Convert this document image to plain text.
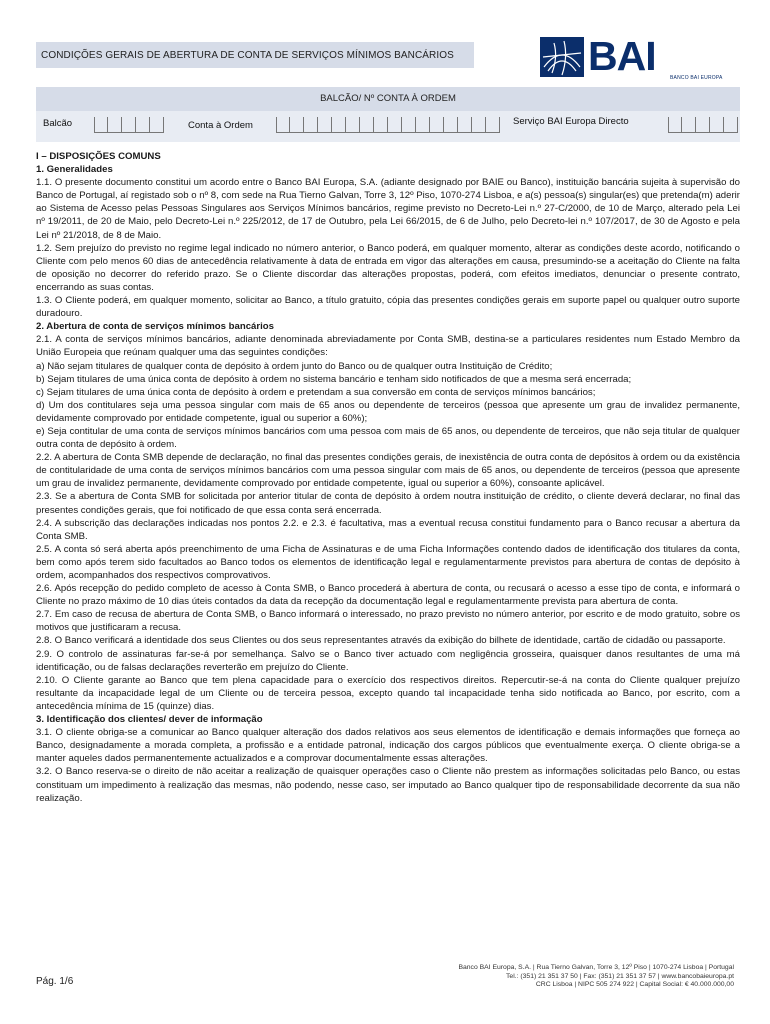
CONDIÇÕES GERAIS DE ABERTURA DE CONTA DE SERVIÇOS MÍNIMOS BANCÁRIOS	BAI	BANCO BAI EUROPA
BALCÃO/ Nº CONTA À ORDEM
Balcão	Conta à Ordem	Serviço BAI Europa Directo

I – DISPOSIÇÕES COMUNS

1. Generalidades

1.1. O presente documento constitui um acordo entre o Banco BAI Europa, S.A. (adiante designado por BAIE ou Banco), instituição bancária sujeita à supervisão do Banco de Portugal, aí registado sob o nº 8, com sede na Rua Tierno Galvan, Torre 3, 12º Piso, 1070-274 Lisboa, e a(s) pessoa(s) singular(es) que pretenda(m) aderir ao Sistema de Acesso pelas Pessoas Singulares aos Serviços Mínimos bancários, regime previsto no Decreto-Lei n.º 27-C/2000, de 10 de Março, alterado pela Lei nº 19/2011, de 20 de Maio, pelo Decreto-Lei n.º 225/2012, de 17 de Outubro, pela Lei 66/2015, de 6 de Julho, pelo Decreto-lei n.º 107/2017, de 30 de Agosto e pela Lei nº 21/2018, de 8 de Maio.

1.2. Sem prejuízo do previsto no regime legal indicado no número anterior, o Banco poderá, em qualquer momento, alterar as condições deste acordo, notificando o Cliente com pelo menos 60 dias de antecedência relativamente à data de entrada em vigor das alterações em causa, presumindo-se a aceitação do Cliente na falta de oposição no decorrer do referido prazo. Se o Cliente discordar das alterações propostas, poderá, com efeitos imediatos, denunciar o presente contrato, encerrando as suas contas.

1.3. O Cliente poderá, em qualquer momento, solicitar ao Banco, a título gratuito, cópia das presentes condições gerais em suporte papel ou qualquer outro suporte duradouro.

2. Abertura de conta de serviços mínimos bancários

2.1. A conta de serviços mínimos bancários, adiante denominada abreviadamente por Conta SMB, destina-se a particulares residentes num Estado Membro da União Europeia que reúnam qualquer uma das seguintes condições:

a) Não sejam titulares de qualquer conta de depósito à ordem junto do Banco ou de qualquer outra Instituição de Crédito;

b) Sejam titulares de uma única conta de depósito à ordem no sistema bancário e tenham sido notificados de que a mesma será encerrada;

c) Sejam titulares de uma única conta de depósito à ordem e pretendam a sua conversão em conta de serviços mínimos bancários;

d) Um dos contitulares seja uma pessoa singular com mais de 65 anos ou dependente de terceiros (pessoa que apresente um grau de invalidez permanente, devidamente comprovado por entidade competente, igual ou superior a 60%);

e) Seja contitular de uma conta de serviços mínimos bancários com uma pessoa com mais de 65 anos, ou dependente de terceiros, que não seja titular de qualquer outra conta de depósito à ordem.

2.2. A abertura de Conta SMB depende de declaração, no final das presentes condições gerais, de inexistência de outra conta de depósitos à ordem ou da existência de contitularidade de uma conta de serviços mínimos bancários com uma pessoa singular com mais de 65 anos, ou dependente de terceiros (pessoa que apresente um grau de invalidez permanente, devidamente comprovado por entidade competente, igual ou superior a 60%), consoante aplicável.

2.3. Se a abertura de Conta SMB for solicitada por anterior titular de conta de depósito à ordem noutra instituição de crédito, o cliente deverá declarar, no final das presentes condições gerais, que foi notificado de que essa conta será encerrada.

2.4. A subscrição das declarações indicadas nos pontos 2.2. e 2.3. é facultativa, mas a eventual recusa constitui fundamento para o Banco recusar a abertura da Conta SMB.

2.5. A conta só será aberta após preenchimento de uma Ficha de Assinaturas e de uma Ficha Informações contendo dados de identificação dos titulares da conta, bem como após terem sido facultados ao Banco todos os elementos de identificação legal e regulamentarmente previstos para abertura de contas de depósito à ordem, acompanhados dos respectivos comprovativos.

2.6. Após recepção do pedido completo de acesso à Conta SMB, o Banco procederá à abertura de conta, ou recusará o acesso a esse tipo de conta, e informará o Cliente no prazo máximo de 10 dias úteis contados da data da recepção da documentação legal e regulamentarmente prevista para abertura de conta.

2.7. Em caso de recusa de abertura de Conta SMB, o Banco informará o interessado, no prazo previsto no número anterior, por escrito e de modo gratuito, sobre os motivos que justificaram a recusa.

2.8. O Banco verificará a identidade dos seus Clientes ou dos seus representantes através da exibição do bilhete de identidade, cartão de cidadão ou passaporte.

2.9. O controlo de assinaturas far-se-á por semelhança. Salvo se o Banco tiver actuado com negligência grosseira, quaisquer danos resultantes de uma má identificação, ou de falsas declarações reverterão em prejuízo do Cliente.

2.10. O Cliente garante ao Banco que tem plena capacidade para o exercício dos respectivos direitos. Repercutir-se-á na conta do Cliente qualquer prejuízo resultante da incapacidade legal de um Cliente ou de terceira pessoa, excepto quando tal incapacidade tenha sido notificada ao Banco, por escrito, com a antecedência mínima de 15 (quinze) dias.

3. Identificação dos clientes/ dever de informação

3.1. O cliente obriga-se a comunicar ao Banco qualquer alteração dos dados relativos aos seus elementos de identificação e demais informações que forneça ao Banco, designadamente a morada completa, a profissão e a entidade patronal, indicação dos cargos públicos que eventualmente exerça. O cliente obriga-se a manter aqueles dados permanentemente actualizados e a comprovar documentalmente essas alterações.

3.2. O Banco reserva-se o direito de não aceitar a realização de quaisquer operações caso o Cliente não prestem as informações solicitadas pelo Banco, ou estas constituam um impedimento à realização das mesmas, não podendo, nesse caso, ser imputado ao Banco qualquer tipo de responsabilidade decorrente da sua não realização.

Pág. 1/6
Banco BAI Europa, S.A. | Rua Tierno Galvan, Torre 3, 12º Piso | 1070-274 Lisboa | Portugal
Tel.: (351) 21 351 37 50 | Fax: (351) 21 351 37 57 | www.bancobaieuropa.pt
CRC Lisboa | NIPC 505 274 922 | Capital Social: € 40.000.000,00
